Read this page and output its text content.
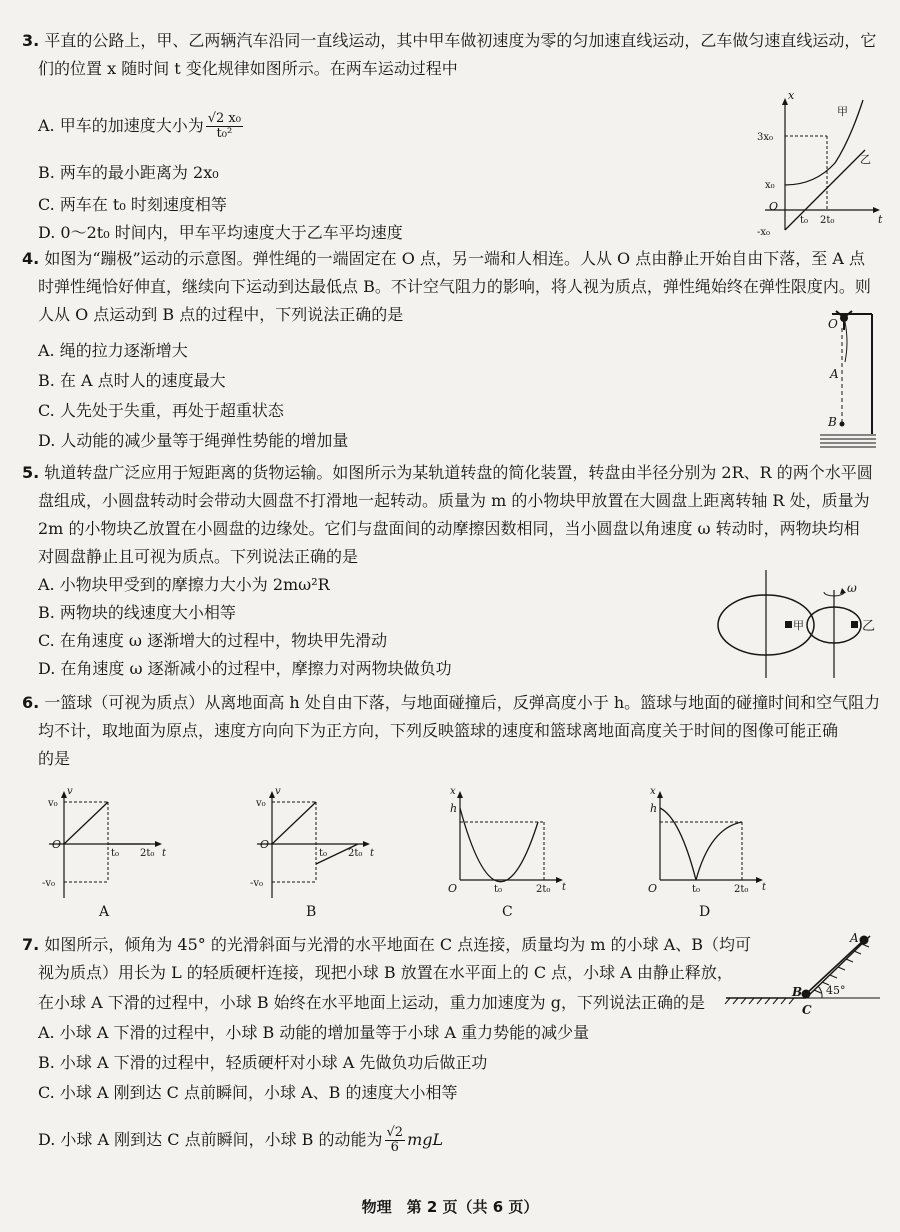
3. 平直的公路上，甲、乙两辆汽车沿同一直线运动，其中甲车做初速度为零的匀加速直线运动，乙车做匀速直线运动，它
们的位置 x 随时间 t 变化规律如图所示。在两车运动过程中
A. 甲车的加速度大小为 $\frac{\text{√2 x₀}}{\text{t₀²}}$
B. 两车的最小距离为 2x₀
C. 两车在 t₀ 时刻速度相等
D. 0～2t₀ 时间内，甲车平均速度大于乙车平均速度
x
t
3x₀
x₀
-x₀
O
t₀ 2t₀
甲
乙
4. 如图为“蹦极”运动的示意图。弹性绳的一端固定在 O 点，另一端和人相连。人从 O 点由静止开始自由下落，至 A 点
时弹性绳恰好伸直，继续向下运动到达最低点 B。不计空气阻力的影响，将人视为质点，弹性绳始终在弹性限度内。则
人从 O 点运动到 B 点的过程中，下列说法正确的是
A. 绳的拉力逐渐增大
B. 在 A 点时人的速度最大
C. 人先处于失重，再处于超重状态
D. 人动能的减少量等于绳弹性势能的增加量
O
A
B
5. 轨道转盘广泛应用于短距离的货物运输。如图所示为某轨道转盘的简化装置，转盘由半径分别为 2R、R 的两个水平圆
盘组成，小圆盘转动时会带动大圆盘不打滑地一起转动。质量为 m 的小物块甲放置在大圆盘上距离转轴 R 处，质量为
2m 的小物块乙放置在小圆盘的边缘处。它们与盘面间的动摩擦因数相同，当小圆盘以角速度 ω 转动时，两物块均相
对圆盘静止且可视为质点。下列说法正确的是
A. 小物块甲受到的摩擦力大小为 2mω²R
B. 两物块的线速度大小相等
C. 在角速度 ω 逐渐增大的过程中，物块甲先滑动
D. 在角速度 ω 逐渐减小的过程中，摩擦力对两物块做负功
甲	乙
ω
6. 一篮球（可视为质点）从离地面高 h 处自由下落，与地面碰撞后，反弹高度小于 h。篮球与地面的碰撞时间和空气阻力
均不计，取地面为原点，速度方向向下为正方向，下列反映篮球的速度和篮球离地面高度关于时间的图像可能正确
的是
v
t
v₀
-v₀
O
t₀ 2t₀
A
v
t
v₀
-v₀
O
t₀ 2t₀
B
x
t
h
O	t₀	2t₀
C
x
t
h
O	t₀	2t₀
D
7. 如图所示，倾角为 45° 的光滑斜面与光滑的水平地面在 C 点连接，质量均为 m 的小球 A、B（均可
视为质点）用长为 L 的轻质硬杆连接，现把小球 B 放置在水平面上的 C 点，小球 A 由静止释放，
在小球 A 下滑的过程中，小球 B 始终在水平地面上运动，重力加速度为 g，下列说法正确的是
A. 小球 A 下滑的过程中，小球 B 动能的增加量等于小球 A 重力势能的减少量
B. 小球 A 下滑的过程中，轻质硬杆对小球 A 先做负功后做正功
C. 小球 A 刚到达 C 点前瞬间，小球 A、B 的速度大小相等
D. 小球 A 刚到达 C 点前瞬间，小球 B 的动能为 $\frac{√2}{6}$ mgL
B
C
A
45°
物理　第 2 页（共 6 页）
